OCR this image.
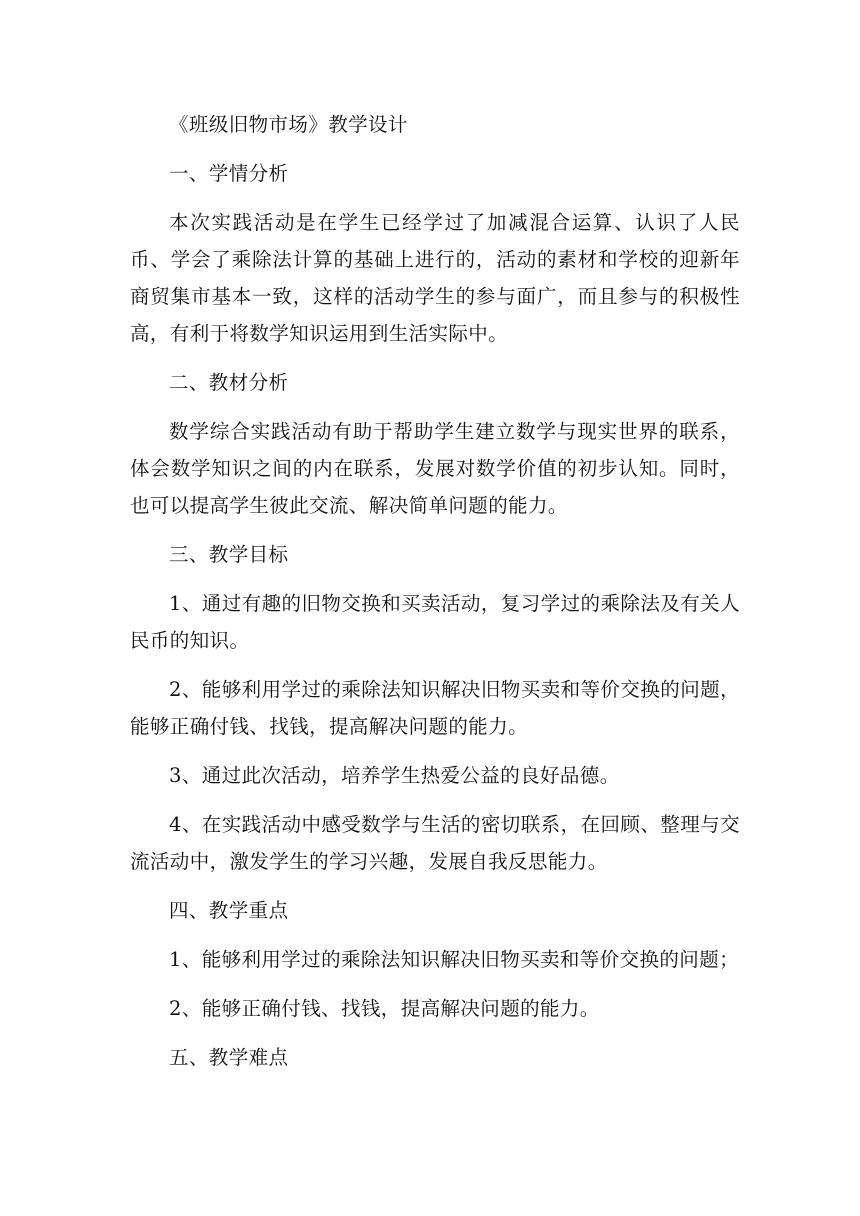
《班级旧物市场》教学设计
一、学情分析
本次实践活动是在学生已经学过了加减混合运算、认识了人民币、学会了乘除法计算的基础上进行的，活动的素材和学校的迎新年商贸集市基本一致，这样的活动学生的参与面广，而且参与的积极性高，有利于将数学知识运用到生活实际中。
二、教材分析
数学综合实践活动有助于帮助学生建立数学与现实世界的联系，体会数学知识之间的内在联系，发展对数学价值的初步认知。同时，也可以提高学生彼此交流、解决简单问题的能力。
三、教学目标
1、通过有趣的旧物交换和买卖活动，复习学过的乘除法及有关人民币的知识。
2、能够利用学过的乘除法知识解决旧物买卖和等价交换的问题，能够正确付钱、找钱，提高解决问题的能力。
3、通过此次活动，培养学生热爱公益的良好品德。
4、在实践活动中感受数学与生活的密切联系，在回顾、整理与交流活动中，激发学生的学习兴趣，发展自我反思能力。
四、教学重点
1、能够利用学过的乘除法知识解决旧物买卖和等价交换的问题；
2、能够正确付钱、找钱，提高解决问题的能力。
五、教学难点
